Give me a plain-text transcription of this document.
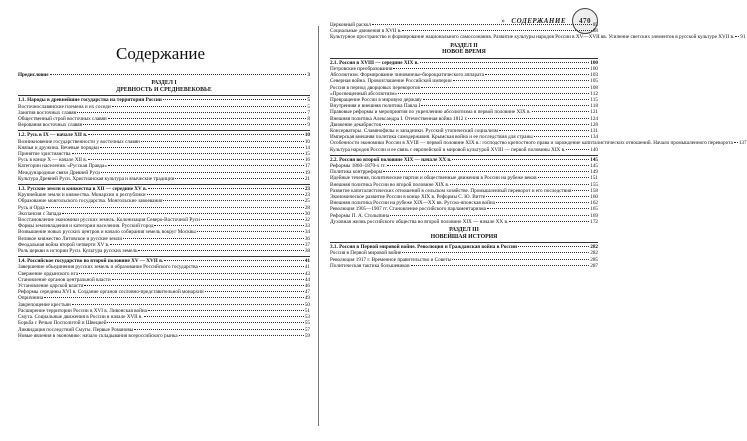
» СОДЕРЖАНИЕ	470
Содержание
Предисловие	3
РАЗДЕЛ I
ДРЕВНОСТЬ И СРЕДНЕВЕКОВЬЕ
1.1. Народы в древнейшие государства на территории России	5
Восточнославянские племена и их соседи	5
Занятия восточных славян	7
Общественный строй восточных славян	8
Верования восточных славян	9
1.2. Русь в IX — начале XII в.	10
Возникновение государственности у восточных славян	10
Князья и дружина. Вечевые порядки	14
Принятие христианства	15
Русь в конце X — начале XII в.	16
Категории населения. «Русская Правда»	17
Международные связи Древней Руси	19
Культура Древней Руси. Христианская культура и языческие традиции	21
1.3. Русские земли и княжества в XII — середине XV в.	23
Крупнейшие земли и княжества. Монархии и республики	23
Образование монгольского государства. Монгольские завоевания	25
Русь и Орда	28
Экспансия с Запада	30
Восстановление экономики русских земель. Колонизация Северо-Восточной Руси	32
Формы землевладения и категории населения. Русский город	33
Возвышение новых русских центров и начало собирания земель вокруг Москвы	34
Великое княжество Литовское и русские земли	36
Феодальная война второй четверти XV в.	37
Роль церкви в истории Руси. Культура русских земель	38
1.4. Российское государство во второй половине XV — XVII в.	41
Завершение объединения русских земель и образование Российского государства	41
Свержение ордынского ига	43
Становление органов центральной власти	44
Установление царской власти	46
Реформы середины XVI в. Создание органов сословно-представительной монархии	47
Опричнина	49
Закрепощение крестьян	50
Расширение территории России в XVI в. Ливонская война	51
Смута. Социальные движения в России в начале XVII в.	53
Борьба с Речью Посполитой и Швецией	55
Ликвидация последствий Смуты. Первые Романовы	57
Новые явления в экономике: начало складывания всероссийского рынка	59
Церковный раскол	85
Социальные движения в XVII в.	88
Культурное пространство и формирование национального самосознания. Развитие культуры народов России в XV—XVII вв. Усиление светских элементов в русской культуре XVII в. 91
РАЗДЕЛ II
НОВОЕ ВРЕМЯ
2.1. Россия в XVIII — середине XIX в.	100
Петровские преобразования	100
Абсолютизм. Формирование чиновничье-бюрократического аппарата	103
Северная война. Провозглашение Российской империи	105
Россия в период дворцовых переворотов	108
«Просвещенный абсолютизм»	112
Превращение России в мировую державу	115
Внутренняя и внешняя политика Павла I	118
Правовые реформы и мероприятия по укреплению абсолютизма в первой половине XIX в.	121
Внешняя политика Александра I. Отечественная война 1812 г.	124
Движение декабристов	128
Консерваторы. Славянофилы и западники. Русский утопический социализм	131
Имперская внешняя политика самодержавия. Крымская война и ее последствия для страны	134
Особенности экономики России в XVIII — первой половине XIX в.: господство крепостного права и зарождение капиталистических отношений. Начало промышленного переворота 137
Культура народов России и ее связь с европейской и мировой культурой XVIII — первой половины XIX в.	140
2.2. Россия во второй половине XIX — начале XX в.	145
Реформы 1860–1870-х гг.	145
Политика контрреформ	149
Идейные течения, политические партии и общественные движения в России на рубеже веков	151
Внешняя политика России во второй половине XIX в.	155
Развитие капиталистических отношений в сельском хозяйстве. Промышленный переворот и его последствия	158
Экономическое развитие России в конце XIX в. Реформы С. Ю. Витте	160
Внешняя политика России на рубеже XIX—XX вв. Русско-японская война	162
Революция 1905—1907 гг. Становление российского парламентаризма	165
Реформы П. А. Столыпина	169
Духовная жизнь российского общества во второй половине XIX — начале XX в.	172
РАЗДЕЛ III
НОВЕЙШАЯ ИСТОРИЯ
3.1. Россия в Первой мировой войне. Революция и Гражданская война в России	282
Россия в Первой мировой войне	282
Революция 1917 г. Временное правительство и Советы	285
Политическая тактика большевиков	287
